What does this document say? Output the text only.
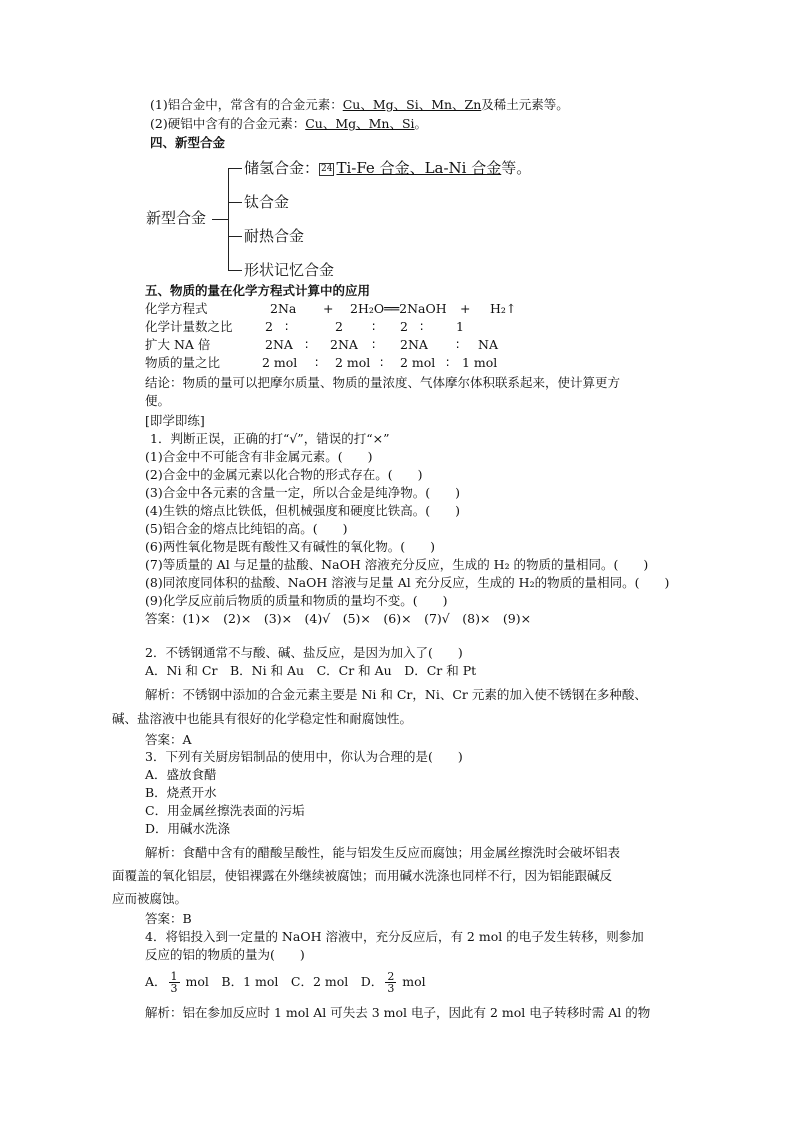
(1)铝合金中，常含有的合金元素：Cu、Mg、Si、Mn、Zn及稀土元素等。
(2)硬铝中含有的合金元素：Cu、Mg、Mn、Si。
四、新型合金
新型合金
储氢合金： 24 Ti-Fe 合金、La-Ni 合金等。
钛合金
耐热合金
形状记忆合金
五、物质的量在化学方程式计算中的应用
化学方程式	2Na + 2H₂O══2NaOH + H₂↑
化学计量数之比	2 ∶	2 ∶ 2 ∶	1
扩大 NA 倍	2NA ∶ 2NA ∶ 2NA ∶ NA
物质的量之比	2 mol ∶ 2 mol ∶ 2 mol ∶ 1 mol
结论：物质的量可以把摩尔质量、物质的量浓度、气体摩尔体积联系起来，使计算更方
便。
[即学即练]
1．判断正误，正确的打“√”，错误的打“×”
(1)合金中不可能含有非金属元素。(　　)
(2)合金中的金属元素以化合物的形式存在。(　　)
(3)合金中各元素的含量一定，所以合金是纯净物。(　　)
(4)生铁的熔点比铁低，但机械强度和硬度比铁高。(　　)
(5)铝合金的熔点比纯铝的高。(　　)
(6)两性氧化物是既有酸性又有碱性的氧化物。(　　)
(7)等质量的 Al 与足量的盐酸、NaOH 溶液充分反应，生成的 H₂ 的物质的量相同。(　　)
(8)同浓度同体积的盐酸、NaOH 溶液与足量 Al 充分反应，生成的 H₂的物质的量相同。(　　)
(9)化学反应前后物质的质量和物质的量均不变。(　　)
答案：(1)×　(2)×　(3)×　(4)√　(5)×　(6)×　(7)√　(8)×　(9)×
2．不锈钢通常不与酸、碱、盐反应，是因为加入了(　　)
A．Ni 和 Cr　B．Ni 和 Au　C．Cr 和 Au　D．Cr 和 Pt
解析：不锈钢中添加的合金元素主要是 Ni 和 Cr，Ni、Cr 元素的加入使不锈钢在多种酸、
碱、盐溶液中也能具有很好的化学稳定性和耐腐蚀性。
答案：A
3．下列有关厨房铝制品的使用中，你认为合理的是(　　)
A．盛放食醋
B．烧煮开水
C．用金属丝擦洗表面的污垢
D．用碱水洗涤
解析：食醋中含有的醋酸呈酸性，能与铝发生反应而腐蚀；用金属丝擦洗时会破坏铝表
面覆盖的氧化铝层，使铝裸露在外继续被腐蚀；而用碱水洗涤也同样不行，因为铝能跟碱反
应而被腐蚀。
答案：B
4．将铝投入到一定量的 NaOH 溶液中，充分反应后，有 2 mol 的电子发生转移，则参加
反应的铝的物质的量为(　　)
A． $\frac{1}{3}$ mol　 B．1 mol　C．2 mol　D． $\frac{2}{3}$ mol
解析：铝在参加反应时 1 mol Al 可失去 3 mol 电子，因此有 2 mol 电子转移时需 Al 的物
